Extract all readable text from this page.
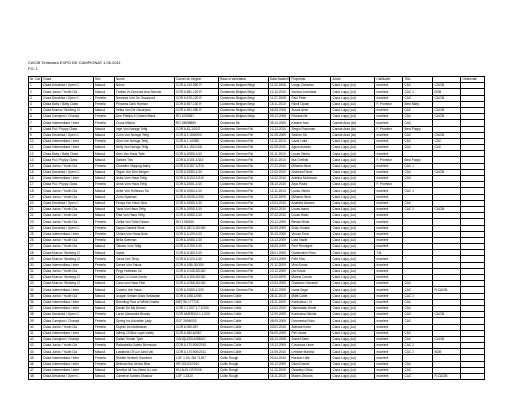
CACIB Timisoara EXPO DE CAMPIONAT 1.06.2011
FCI 1
Nr. Cat	Clasa	Sex	Nume	Carnet de Origine	Rasa si Varietatea	Data Nasterii	Proprietar	Ariste	Calificativ	Titlu		Observatii
1	Clasa Deschisa / Open C	Mascul	Baros	COR A 120-590 R	Ciobanesc Belgian Belgi	11.02.2008	Lungu Octavian	Cana Lugoj (Lul)	excelent	CAC	CACIB	
2	Clasa Junior / Youth Cla	Mascul	Farkas Vo Dorusea Ana Sidonio	COR A 581-120 R	Ciobanesc Belgian Belgi	12.10.2010	Avesca Loredana	Cana Lugoj (Lul)	excelent	CAC J	BOB	
3	Clasa Deschisa / Open C	Femela	Nemesis Von De Oscarpool	COR A 676-120 R	Ciobanesc Belgian Belgi	11.07.2008	Paul Peter	Cana Lugoj (Lul)	excelent	CAC	CACIB	
4	Clasa Baby / Baby Class	Femela	Princess Dark Harmon	COR A 697-130 R	Ciobanesc Belgian Belgi	15.11.2010	Nicoli Cipian	Cana Lugoj (Lul)	F. Promitor	Best Baby		
5	Clasa Munca / Working Cl	Mascul	Vetka Von De Oscarpool	COR A 391-080 R	Ciobanesc Belgian Belgi	06.08.2008	Avuva Avon	Cana Lugoj (Lul)	excelent	CAC	CACIB	
6	Clasa Campioni / Champi	Femela	Dee Phillips 5 Golden Black	RO 1006567	Ciobanesc Belgian Belgi	09.12.2008	Roxana Ilie	Cana Lugoj (Lul)	excelent	CAC	CACIB	
7	Clasa Intermediara / Inter	Femela	Cross Milana	RO 28698889	Ciobanesc Be	05.10.2009	Kassim Ivan	Canide Arad (Ar)	excelent	CAC		
8	Clasa Pui / Puppy Class	Mascul	Inge Von Norsge Tefig	COR A 81-10/2/2	Ciobanesc German Pal	13.12.2010	Sergiu Rosoman	Canide Arad (Ar)	F. Promitor	Best Puppy		
9	Clasa Deschisa / Open C	Mascul	Zorro Von Norsge Tefig	COR A 3 150/09/0	Ciobanesc German Pal	01.05.2009	Sedero Siv	Canide Arad (Ar)	excelent	CAC	CACIB	
10	Clasa Intermediara / Inter	Femela	Gina Von Norsge Tefig	COR A 1.14/080	Ciobanesc German Pal	12.11.2010	Lazar Lidia	Cana Lugoj (Lul)	excelent	CAC	CAC	
11	Clasa Intermediara / Inter	Mascul	Nelly Von Norsge Tefig	COR A 1.150-01/6	Ciobanesc German Pal	02.08.2010	Agius Antonio	Cana Lugoj (Lul)	excelent	CAC	CAC	
12	Clasa Baby / Baby Class	Mascul	Arex Von Haus Tofie	COR A 2/080-1/10	Ciobanesc German Pal	01.11.2010	Lucas Vitorto	Cana Lugoj (Lul)	excelent			
13	Clasa Pui / Puppy Class	Mascul	Xandra Tria	COR A 2/101-1/110	Ciobanesc German Pal	03.11.2010	Ilsa Grellnik	Cana Lugoj (Lul)	F. Promitor	Best Puppy		
14	Clasa Junior / Youth Cla	Femela	Chandler Stappag Barry	COR A 2/187-1/210	Ciobanesc German Pal	27.02.2010	Mihaela Stroe	Cana Lugoj (Lul)	excelent	CAC J		
15	Clasa Deschisa / Open C	Mascul	Tegan Von Den Bergen	COR A 2/080-1/10	Ciobanesc German Pal	12.02.2010	Andreea Pavel	Cana Lugoj (Lul)	excelent	CAC	CACIB	
16	Clasa Intermediara / Inter	Mascul	Astra Vom Haus Tefig	COR A 2/104-1/210	Ciobanesc German Pal	14.02.2010	Adelina Moldovan	Cana Lugoj (Lul)	excelent	CAC		
17	Clasa Pui / Puppy Class	Femela	Anna Vom Haus Tefig	COR A 2/081-1/10	Ciobanesc German Pal	08.10.2010	Arpa Pavia	Cana Lugoj (Lul)	F. Promitor			
18	Clasa Junior / Youth Cla	Mascul	Anter Von Hoftesau Tia	COR A 2/084-1/10	Ciobanesc German Pal	12.11.2010	Lucas Vitorto	Cana Lugoj (Lul)	excelent	CAC J		
19	Clasa Junior / Youth Cla	Mascul	Zorro Sparkart	COR A 2/045-1/100	Ciobanesc German Pal	11.02.2009	Mihaela Stroe	Cana Lugoj (Lul)	excelent			
20	Clasa Deschisa / Open C	Mascul	Fenya Von Haus Sina	COR A 2/080-1/10	Ciobanesc German Pal	13.04.2010	Anabela Alvarez	Cana Lugoj (Lul)	excelent	CAC		
21	Clasa Junior / Youth Cla	Mascul	Yana Von Haus Tefig	COR A 2/090-1/10	Ciobanesc German Pal	05.02.2010	Lucas Ioana	Cana Lugoj (Lul)	excelent	CAC J	CACIB	
22	Clasa Junior / Youth Cla	Mascul	Elsa Von Haus Tefig	COR A 2/080-1/10	Ciobanesc German Pal	07.02.2010	Lucas Radu	Cana Lugoj (Lul)	excelent			
23	Clasa Junior / Youth Cla	Femela	Zahra Von Tufts Falcon	RO 1765510	Ciobanesc German Pal	20.12.2009	Bledar Mihai	Cana Lugoj (Lul)	excelent			
24	Clasa Deschisa / Open C	Femela	Tanya Gambik Ross	COR A 18/74-30/160	Ciobanesc German Pal	30.09.2009	Eridy Groske	Cana Lugoj (Lul)	excelent			
25	Clasa Intermediara / Inter	Femela	Chiara Von Haus Nola	COR A 1/109-1/10	Ciobanesc German Pal	30.10.2009	Vincze Erzsi	Cana Lugoj (Lul)	excelent			
26	Clasa Junior / Youth Cla	Femela	Bella Sweetan	COR A 2/080-1/10	Ciobanesc German Pal	14.12.2009	Livia Vasile	Cana Lugoj (Lul)	excelent			
27	Clasa Junior / Youth Cla	Mascul	Tabaso Vom Tefig	COR A 2/190-1/10	Ciobanesc German Pal	06.05.2009	Ferri Hennighe	Cana Lugoj (Lul)	excelent			
28	Clasa Munca / Working Cl	Mascul	Alpha	COR A 2/180-1/10	Ciobanesc German Pal	28.01.2009	Gantenskin Rovo	Cana Lugoj (Lul)	T.B.			
29	Clasa Munca / Working Cl	Femela	Yarva Von Tercy	COR A 1/123-1/10	Ciobanesc German Pal	22.01.2009	Petri Kiss	Cana Lugoj (Lul)	excelent			
30	Clasa Intermediara / Inter	Femela	Danee Von Paisia	COR A 1/86-30/150	Ciobanesc German Pal	21.11.2009	Viva Kovas	Cana Lugoj (Lul)	excelent			
31	Clasa Junior / Youth Cla	Femela	Pegy Hoftesau So	COR A 1/145-30/160	Ciobanesc German Pal	10.12.2009	Lia Kovas	Cana Lugoj (Lul)	excelent			
32	Clasa Munca / Working Cl	Femela	Leyla Co Lucia Gonta	COR A 1/190-30/160	Ciobanesc German Pal	11.04.2009	Marina Coruta	Cana Lugoj (Lul)	excelent			
33	Clasa Munca / Working Cl	Mascul	Cano von Haus Fide	COR A 1/266-30/160	Ciobanesc German Pal	10.04.2009	Graziano Giovanni	Cana Lugoj (Lul)	excelent	CAC		
34	Clasa Intermediara / Inter	Mascul	Cosimo Von Haus	COR A 2/080-1/120	Ciobanesc German Pal	18.12.2009	Ivana Doga	Cana Lugoj (Lul)	excelent	CAC	R.CACIB	
35	Clasa Junior / Youth Cla	Mascul	Aragon Sebian Diwa Sebastian	COR A 1/88-1/050	Sedulam Collie	28.11.2010	Matti Collie	Cana Lugoj (Lul)	excelent	CAC J		
36	Clasa Intermediara / Inter	Mascul	Breeding Row of White Drama	MET.Sh.177710	Sedulam Collie	15.11.2009	Kurdulava I. N.	Cana Lugoj (Lul)	excelent	CAC		
37	Clasa Intermediara / Inter	Mascul	Daniel De Aly Dream	COR 1.7.007 1.7.9.000	Sedulam Collie	14.02.2010	Hamaralas Gioriti	Cana Lugoj (Lul)	excelent	CAC		
38	Clasa Deschisa / Open C	Femela	Loren Alexandra Beauty	COR AMERICA 1.1.000	Sedulam Collie	12.09.2009	Kurdulava Nikolia	Cana Lugoj (Lul)	excelent	CAC	CACIB	
39	Clasa Campioni / Champi	Femela	Spring Inc Adorable Lady	SCF 2696/003	Sedulam Collie	08.09.2009	Dvomeska Ruko	Cana Lugoj (Lul)	excelent	CAC		
40	Clasa Junior / Youth Cla	Femela	Sophie Del Aldebaran	COR A 05/1057	Sedulam Collie	03.02.2010	Adriana Kolar	Cana Lugoj (Lul)	excelent			
41	Clasa Intermediara / Inter	Mascul	Infinity Of Blue Light Valley	COR A 38/16/SB7	Sedulam Collie	06.09.2009	Peli Vezza	Cana Lugoj (Lul)	excelent	CAC		
42	Clasa Campioni / Champi	Mascul	Dallas Tender Tyke	CAHQU/2011/SB007	Sedulam Collie	06.10.2008	Jozsef Sarin	Cana Lugoj (Lul)	excelent	CAC	CACIB	
43	Clasa Junior / Youth Cla	Femela	Rakkabella Galeto Bermosto	COR A 17/1900/2010	Sedulam Collie	19.12.2009	Cuvarova Linne	Cana Lugoj (Lul)	excelent	CAC J		
44	Clasa Junior / Youth Cla	Mascul	Lowlands Of Lux Jarot Val	COR A 17/1900/2011	Sedulam Collie	14.09.2010	Lembke Mariela	Cana Lugoj (Lul)	excelent	CAC J	BOB	
45	Clasa Intermediara / Inter	Femela	Rubbie Verkerb Gomecet	LOF 1 Sh. SM 71207	Collie Rough	23.04.2010	Horacio Lillie	Cana Lugoj (Lul)	excelent			
46	Clasa Intermediara / Inter	Femela	Belinda Bon Aerica Blue	HR 2010/1/2010	Collie Rough	04.12.2009	Dimsi Daniel	Cana Lugoj (Lul)	excelent	CAC		
47	Clasa Intermediara / Inter	Mascul	Nerdiva All You Need Is Love	HU ALKLOF/2006	Collie Rough	11.12.2009	Ozsesky Olivia	Cana Lugoj (Lul)	excelent	CAC		
48	Clasa Deschisa / Open C	Mascul	Cameron Santes Shadow	LOF 1.1810	Collie Rough	16.11.2010	Maxim Zinoura	Cana Lugoj (Lul)	excelent	CAC	R.CACIB	
